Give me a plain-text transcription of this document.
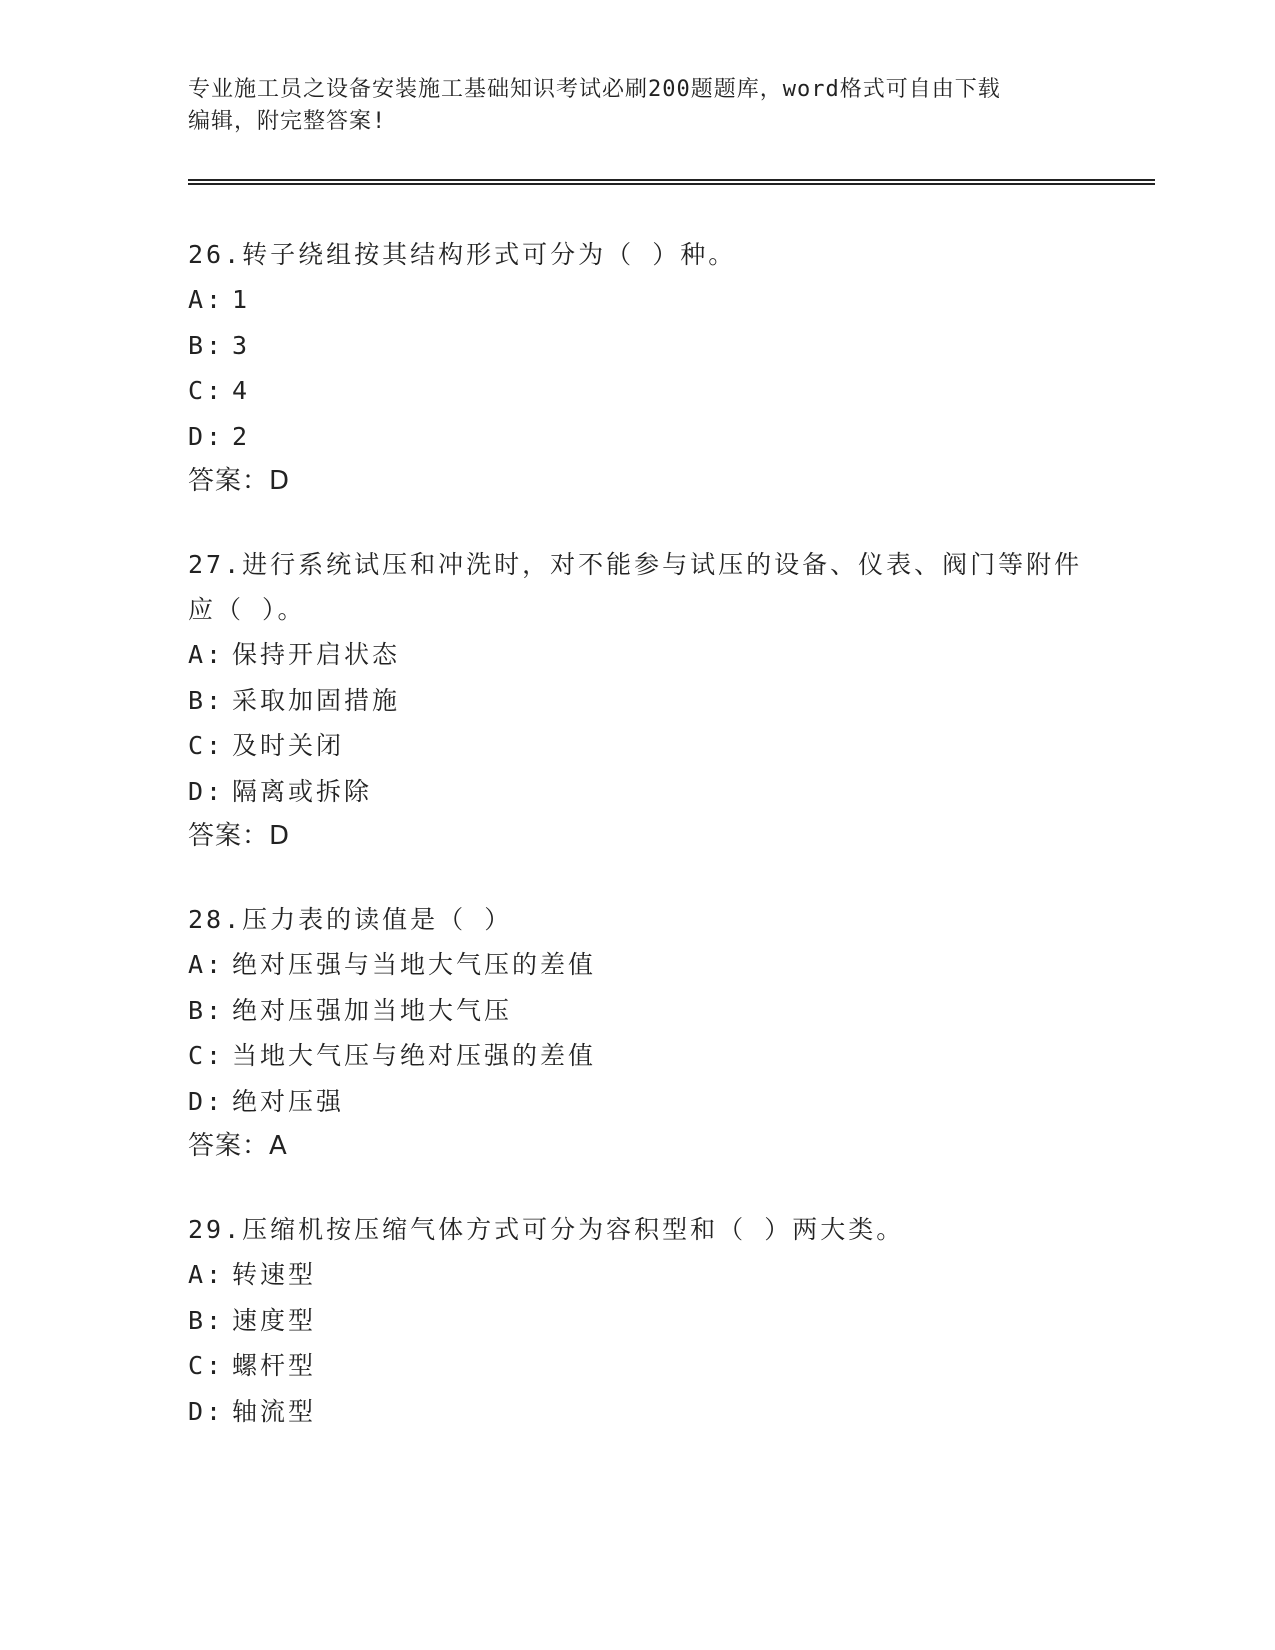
专业施工员之设备安装施工基础知识考试必刷200题题库，word格式可自由下载
编辑，附完整答案!
26.转子绕组按其结构形式可分为（ ）种。
A: 1
B: 3
C: 4
D: 2
答案：D
27.进行系统试压和冲洗时，对不能参与试压的设备、仪表、阀门等附件应（ ）。
A: 保持开启状态
B: 采取加固措施
C: 及时关闭
D: 隔离或拆除
答案：D
28.压力表的读值是（ ）
A: 绝对压强与当地大气压的差值
B: 绝对压强加当地大气压
C: 当地大气压与绝对压强的差值
D: 绝对压强
答案：A
29.压缩机按压缩气体方式可分为容积型和（ ）两大类。
A: 转速型
B: 速度型
C: 螺杆型
D: 轴流型
